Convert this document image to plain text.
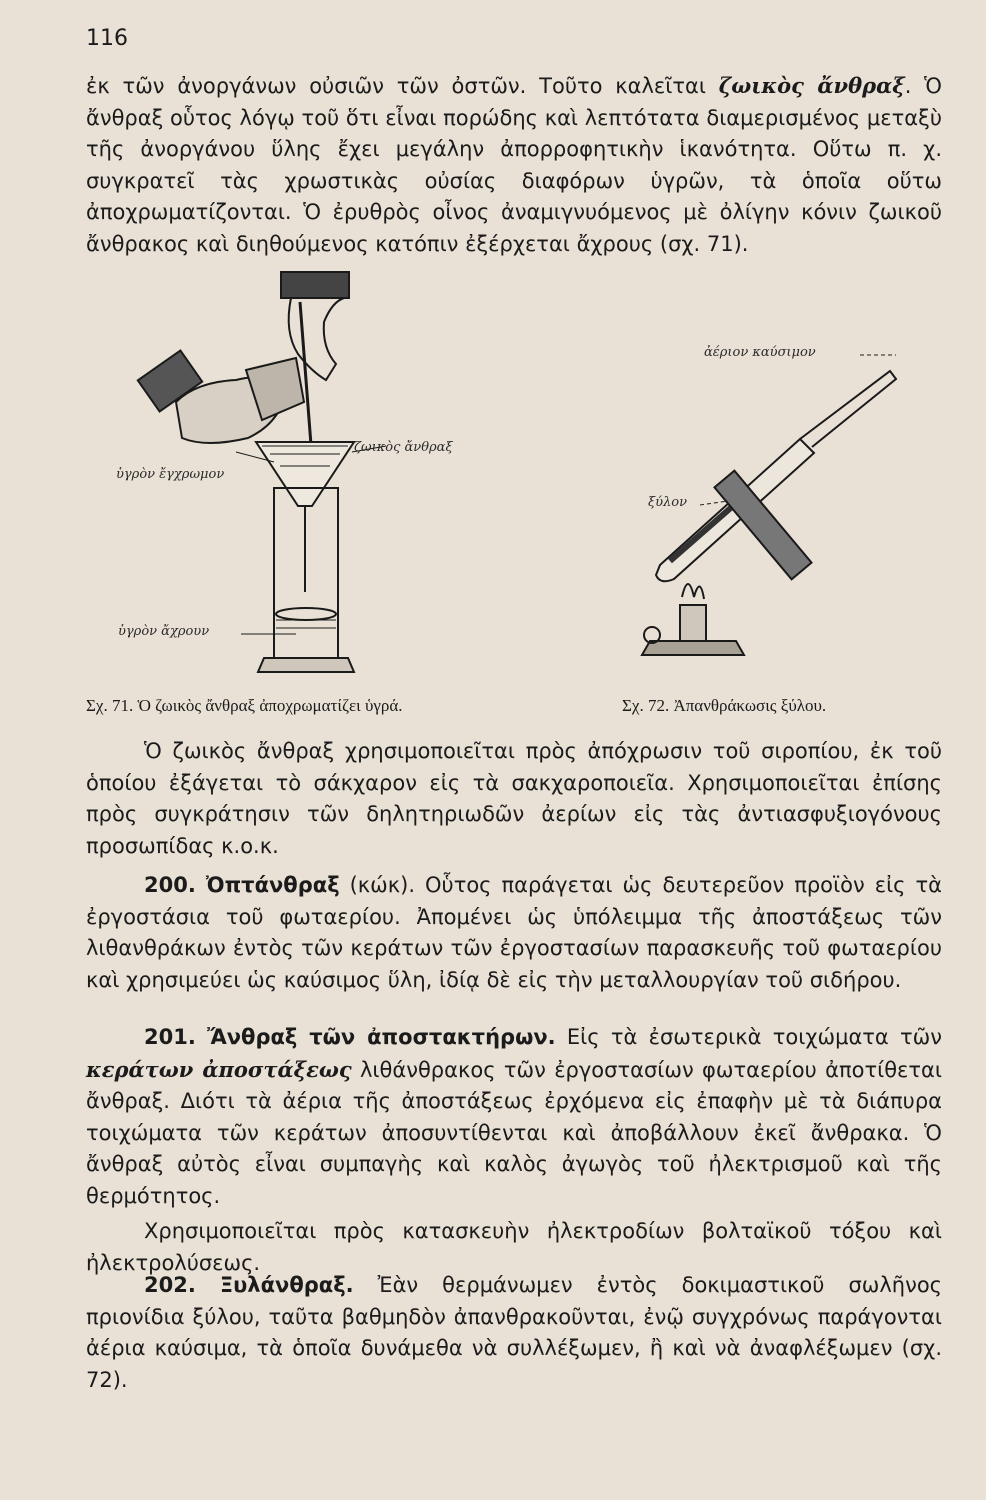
116

ἐκ τῶν ἀνοργάνων οὐσιῶν τῶν ὀστῶν. Τοῦτο καλεῖται ζωικὸς ἄνθραξ. Ὁ ἄνθραξ οὗτος λόγῳ τοῦ ὅτι εἶναι πορώδης καὶ λεπτότατα διαμερισμένος μεταξὺ τῆς ἀνοργάνου ὕλης ἔχει μεγάλην ἀπορροφητικὴν ἱκανότητα. Οὕτω π. χ. συγκρατεῖ τὰς χρωστικὰς οὐσίας διαφόρων ὑγρῶν, τὰ ὁποῖα οὕτω ἀποχρωματίζονται. Ὁ ἐρυθρὸς οἶνος ἀναμιγνυόμενος μὲ ὀλίγην κόνιν ζωικοῦ ἄνθρακος καὶ διηθούμενος κατόπιν ἐξέρχεται ἄχρους (σχ. 71).

ὑγρὸν ἔγχρωμον
ζωικὸς ἄνθραξ
ὑγρὸν ἄχρουν
Σχ. 71. Ὁ ζωικὸς ἄνθραξ ἀποχρωματίζει ὑγρά.
ἀέριον καύσιμον
ξύλον
Σχ. 72. Ἀπανθράκωσις ξύλου.

Ὁ ζωικὸς ἄνθραξ χρησιμοποιεῖται πρὸς ἀπόχρωσιν τοῦ σιροπίου, ἐκ τοῦ ὁποίου ἐξάγεται τὸ σάκχαρον εἰς τὰ σακχαροποιεῖα. Χρησιμοποιεῖται ἐπίσης πρὸς συγκράτησιν τῶν δηλητηριωδῶν ἀερίων εἰς τὰς ἀντιασφυξιογόνους προσωπίδας κ.ο.κ.

200. Ὀπτάνθραξ (κώκ). Οὗτος παράγεται ὡς δευτερεῦον προϊὸν εἰς τὰ ἐργοστάσια τοῦ φωταερίου. Ἀπομένει ὡς ὑπόλειμμα τῆς ἀποστάξεως τῶν λιθανθράκων ἐντὸς τῶν κεράτων τῶν ἐργοστασίων παρασκευῆς τοῦ φωταερίου καὶ χρησιμεύει ὡς καύσιμος ὕλη, ἰδίᾳ δὲ εἰς τὴν μεταλλουργίαν τοῦ σιδήρου.

201. Ἄνθραξ τῶν ἀποστακτήρων. Εἰς τὰ ἐσωτερικὰ τοιχώματα τῶν κεράτων ἀποστάξεως λιθάνθρακος τῶν ἐργοστασίων φωταερίου ἀποτίθεται ἄνθραξ. Διότι τὰ ἀέρια τῆς ἀποστάξεως ἐρχόμενα εἰς ἐπαφὴν μὲ τὰ διάπυρα τοιχώματα τῶν κεράτων ἀποσυντίθενται καὶ ἀποβάλλουν ἐκεῖ ἄνθρακα. Ὁ ἄνθραξ αὐτὸς εἶναι συμπαγὴς καὶ καλὸς ἀγωγὸς τοῦ ἠλεκτρισμοῦ καὶ τῆς θερμότητος.

Χρησιμοποιεῖται πρὸς κατασκευὴν ἠλεκτροδίων βολταϊκοῦ τόξου καὶ ἠλεκτρολύσεως.

202. Ξυλάνθραξ. Ἐὰν θερμάνωμεν ἐντὸς δοκιμαστικοῦ σωλῆνος πριονίδια ξύλου, ταῦτα βαθμηδὸν ἀπανθρακοῦνται, ἐνῷ συγχρόνως παράγονται ἀέρια καύσιμα, τὰ ὁποῖα δυνάμεθα νὰ συλλέξωμεν, ἢ καὶ νὰ ἀναφλέξωμεν (σχ. 72).
